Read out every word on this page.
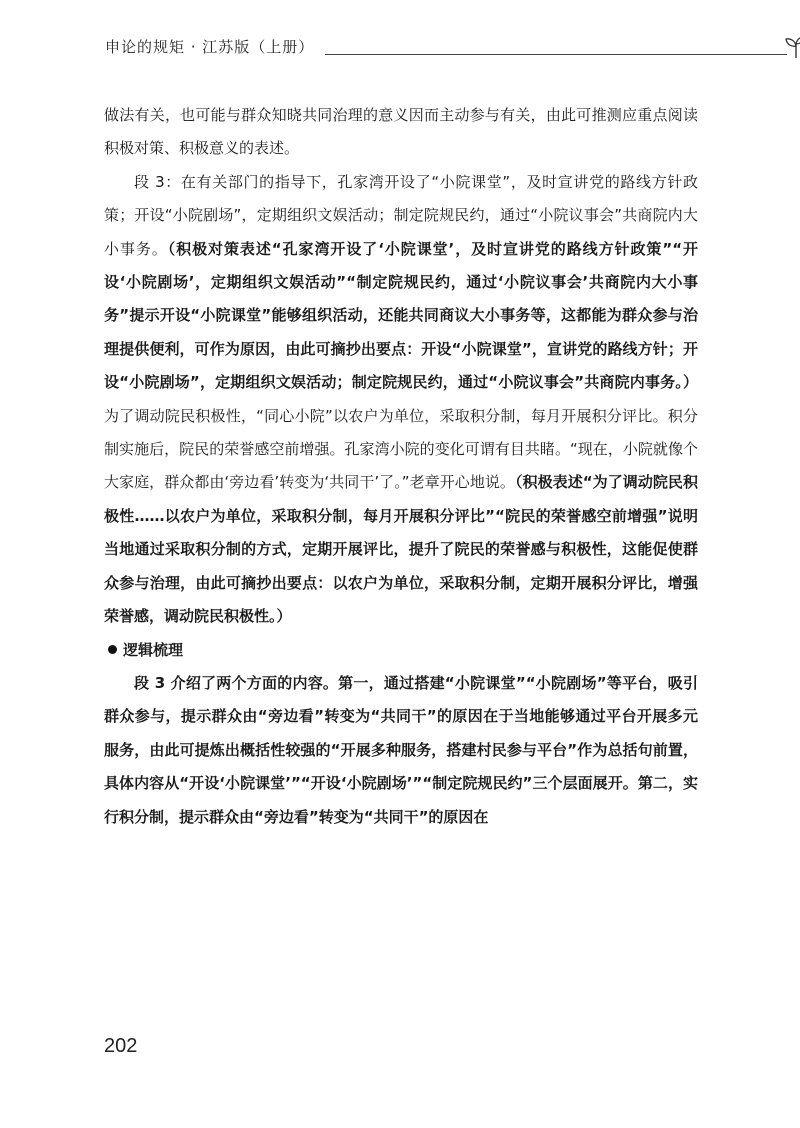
申论的规矩 · 江苏版（上册）

做法有关，也可能与群众知晓共同治理的意义因而主动参与有关，由此可推测应重点阅读积极对策、积极意义的表述。

段 3：在有关部门的指导下，孔家湾开设了“小院课堂”，及时宣讲党的路线方针政策；开设“小院剧场”，定期组织文娱活动；制定院规民约，通过“小院议事会”共商院内大小事务。（积极对策表述“孔家湾开设了‘小院课堂’，及时宣讲党的路线方针政策”“开设‘小院剧场’，定期组织文娱活动”“制定院规民约，通过‘小院议事会’共商院内大小事务”提示开设“小院课堂”能够组织活动，还能共同商议大小事务等，这都能为群众参与治理提供便利，可作为原因，由此可摘抄出要点：开设“小院课堂”，宣讲党的路线方针；开设“小院剧场”，定期组织文娱活动；制定院规民约，通过“小院议事会”共商院内事务。）为了调动院民积极性，“同心小院”以农户为单位，采取积分制，每月开展积分评比。积分制实施后，院民的荣誉感空前增强。孔家湾小院的变化可谓有目共睹。“现在，小院就像个大家庭，群众都由‘旁边看’转变为‘共同干’了。”老章开心地说。（积极表述“为了调动院民积极性……以农户为单位，采取积分制，每月开展积分评比”“院民的荣誉感空前增强”说明当地通过采取积分制的方式，定期开展评比，提升了院民的荣誉感与积极性，这能促使群众参与治理，由此可摘抄出要点：以农户为单位，采取积分制，定期开展积分评比，增强荣誉感，调动院民积极性。）

逻辑梳理

段 3 介绍了两个方面的内容。第一，通过搭建“小院课堂”“小院剧场”等平台，吸引群众参与，提示群众由“旁边看”转变为“共同干”的原因在于当地能够通过平台开展多元服务，由此可提炼出概括性较强的“开展多种服务，搭建村民参与平台”作为总括句前置，具体内容从“开设‘小院课堂’”“开设‘小院剧场’”“制定院规民约”三个层面展开。第二，实行积分制，提示群众由“旁边看”转变为“共同干”的原因在

202
